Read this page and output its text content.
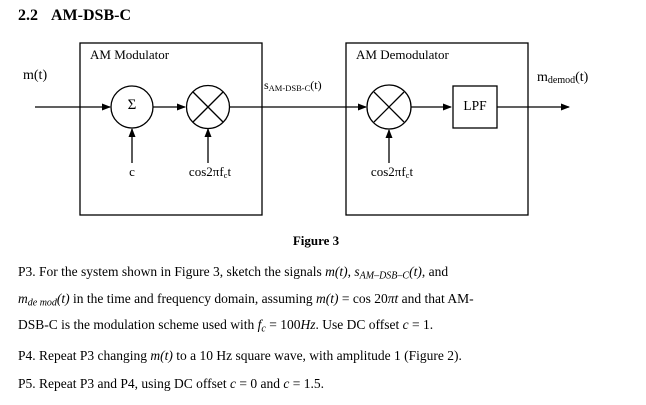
2.2 AM-DSB-C
AM Modulator	AM Demodulator
m(t)
Σ
$s_{AM-DSB-C}(t)$	$m_{demod}(t)$
LPF
c	$\cos 2\pi f_ct$	$\cos 2\pi f_ct$
Figure 3
P3. For the system shown in Figure 3, sketch the signals m(t), sAM–DSB–C(t), and
mde mod(t) in the time and frequency domain, assuming m(t) = cos 20πt and that AM-
DSB-C is the modulation scheme used with fc = 100Hz. Use DC offset c = 1.
P4. Repeat P3 changing m(t) to a 10 Hz square wave, with amplitude 1 (Figure 2).
P5. Repeat P3 and P4, using DC offset c = 0 and c = 1.5.
